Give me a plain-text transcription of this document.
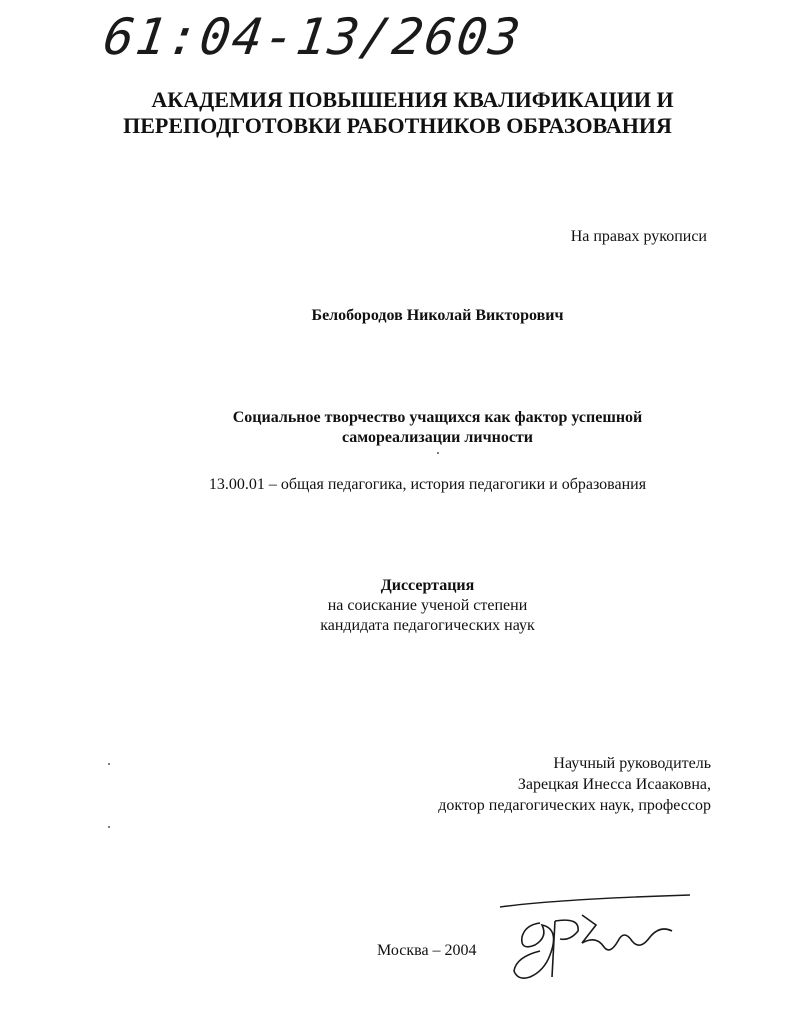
61:04-13/2603
АКАДЕМИЯ ПОВЫШЕНИЯ КВАЛИФИКАЦИИ И
ПЕРЕПОДГОТОВКИ РАБОТНИКОВ ОБРАЗОВАНИЯ
На правах рукописи
Белобородов Николай Викторович
Социальное творчество учащихся как фактор успешной
самореализации личности
13.00.01 – общая педагогика, история педагогики и образования
Диссертация
на соискание ученой степени
кандидата педагогических наук
Научный руководитель
Зарецкая Инесса Исааковна,
доктор педагогических наук, профессор
Москва – 2004
